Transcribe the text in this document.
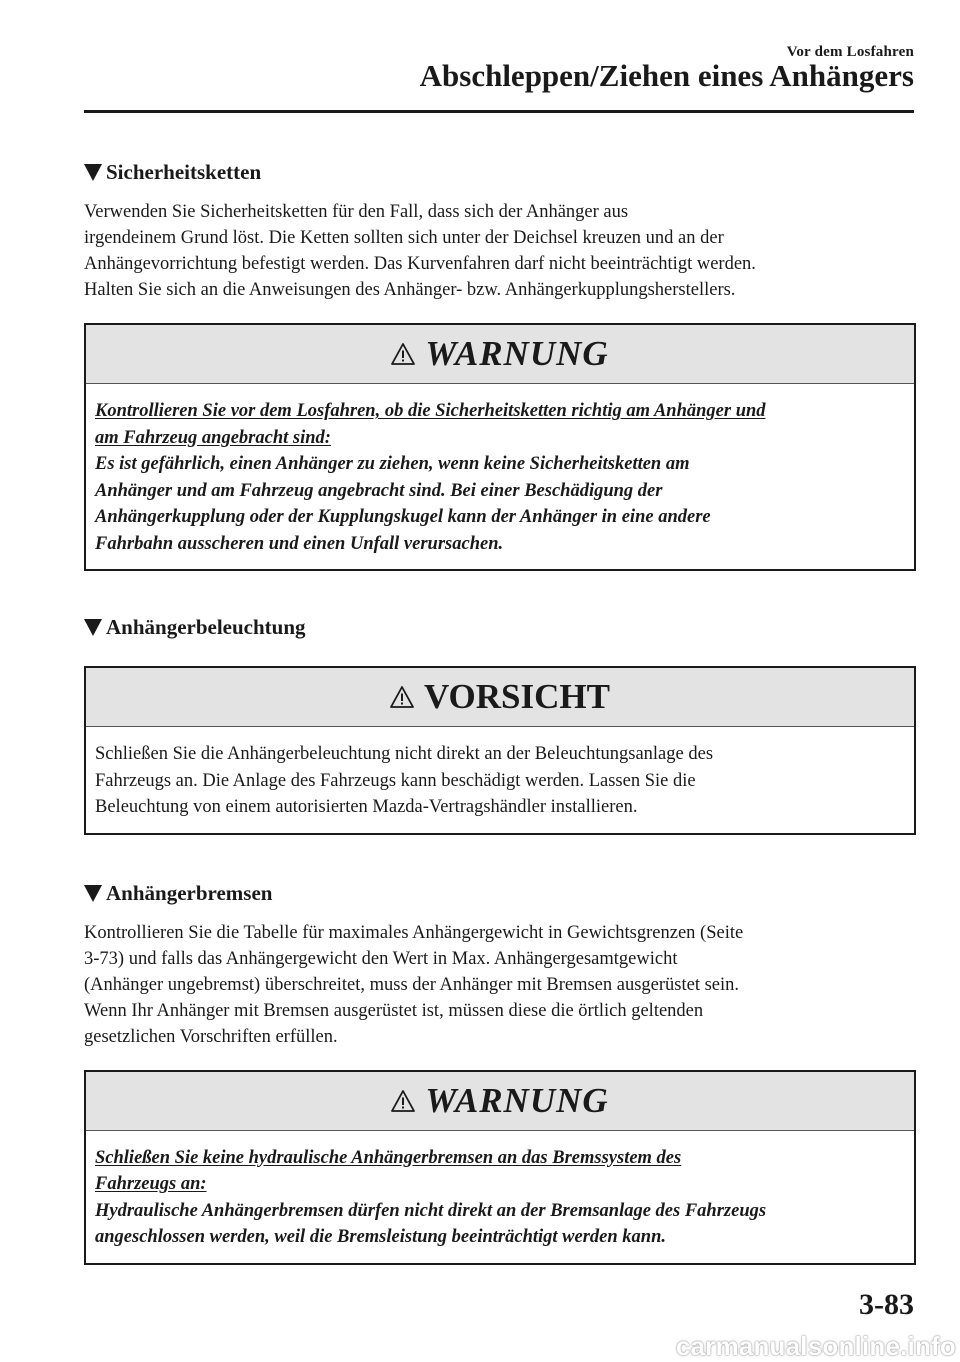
Vor dem Losfahren
Abschleppen/Ziehen eines Anhängers
Sicherheitsketten
Verwenden Sie Sicherheitsketten für den Fall, dass sich der Anhänger aus
irgendeinem Grund löst. Die Ketten sollten sich unter der Deichsel kreuzen und an der
Anhängevorrichtung befestigt werden. Das Kurvenfahren darf nicht beeinträchtigt werden.
Halten Sie sich an die Anweisungen des Anhänger- bzw. Anhängerkupplungsherstellers.
WARNUNG
Kontrollieren Sie vor dem Losfahren, ob die Sicherheitsketten richtig am Anhänger und
am Fahrzeug angebracht sind:
Es ist gefährlich, einen Anhänger zu ziehen, wenn keine Sicherheitsketten am
Anhänger und am Fahrzeug angebracht sind. Bei einer Beschädigung der
Anhängerkupplung oder der Kupplungskugel kann der Anhänger in eine andere
Fahrbahn ausscheren und einen Unfall verursachen.
Anhängerbeleuchtung
VORSICHT
Schließen Sie die Anhängerbeleuchtung nicht direkt an der Beleuchtungsanlage des
Fahrzeugs an. Die Anlage des Fahrzeugs kann beschädigt werden. Lassen Sie die
Beleuchtung von einem autorisierten Mazda-Vertragshändler installieren.
Anhängerbremsen
Kontrollieren Sie die Tabelle für maximales Anhängergewicht in Gewichtsgrenzen (Seite
3-73) und falls das Anhängergewicht den Wert in Max. Anhängergesamtgewicht
(Anhänger ungebremst) überschreitet, muss der Anhänger mit Bremsen ausgerüstet sein.
Wenn Ihr Anhänger mit Bremsen ausgerüstet ist, müssen diese die örtlich geltenden
gesetzlichen Vorschriften erfüllen.
WARNUNG
Schließen Sie keine hydraulische Anhängerbremsen an das Bremssystem des
Fahrzeugs an:
Hydraulische Anhängerbremsen dürfen nicht direkt an der Bremsanlage des Fahrzeugs
angeschlossen werden, weil die Bremsleistung beeinträchtigt werden kann.
3-83
carmanualsonline.info
